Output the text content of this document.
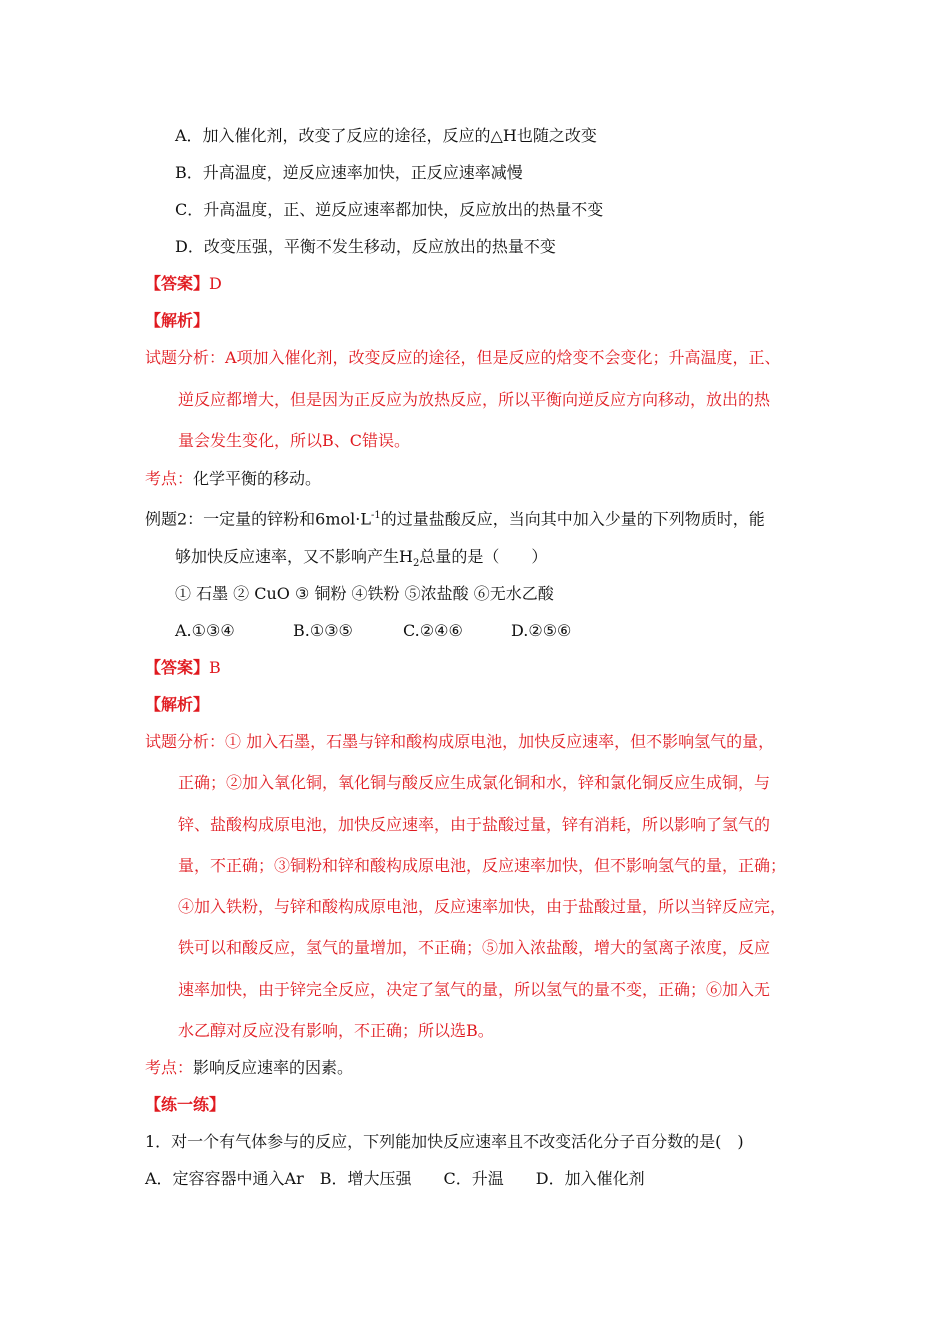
A．加入催化剂，改变了反应的途径，反应的△H也随之改变
B．升高温度，逆反应速率加快，正反应速率减慢
C．升高温度，正、逆反应速率都加快，反应放出的热量不变
D．改变压强，平衡不发生移动，反应放出的热量不变
【答案】D
【解析】
试题分析：A项加入催化剂，改变反应的途径，但是反应的焓变不会变化；升高温度，正、
逆反应都增大，但是因为正反应为放热反应，所以平衡向逆反应方向移动，放出的热
量会发生变化，所以B、C错误。
考点：化学平衡的移动。
例题2：一定量的锌粉和$6mol\cdot L^{-1}$的过量盐酸反应，当向其中加入少量的下列物质时，能
够加快反应速率，又不影响产生$H_2$总量的是（　　）
① 石墨 ② CuO ③ 铜粉 ④铁粉 ⑤浓盐酸 ⑥无水乙酸
A.①③④	B.①③⑤	C.②④⑥	D.②⑤⑥
【答案】B
【解析】
试题分析：① 加入石墨，石墨与锌和酸构成原电池，加快反应速率，但不影响氢气的量，
正确；②加入氧化铜，氧化铜与酸反应生成氯化铜和水，锌和氯化铜反应生成铜，与
锌、盐酸构成原电池，加快反应速率，由于盐酸过量，锌有消耗，所以影响了氢气的
量，不正确；③铜粉和锌和酸构成原电池，反应速率加快，但不影响氢气的量，正确；
④加入铁粉，与锌和酸构成原电池，反应速率加快，由于盐酸过量，所以当锌反应完，
铁可以和酸反应，氢气的量增加，不正确；⑤加入浓盐酸，增大的氢离子浓度，反应
速率加快，由于锌完全反应，决定了氢气的量，所以氢气的量不变，正确；⑥加入无
水乙醇对反应没有影响，不正确；所以选B。
考点：影响反应速率的因素。
【练一练】
1．对一个有气体参与的反应，下列能加快反应速率且不改变活化分子百分数的是(　)
A．定容容器中通入Ar　B．增大压强　　C．升温　　D．加入催化剂
